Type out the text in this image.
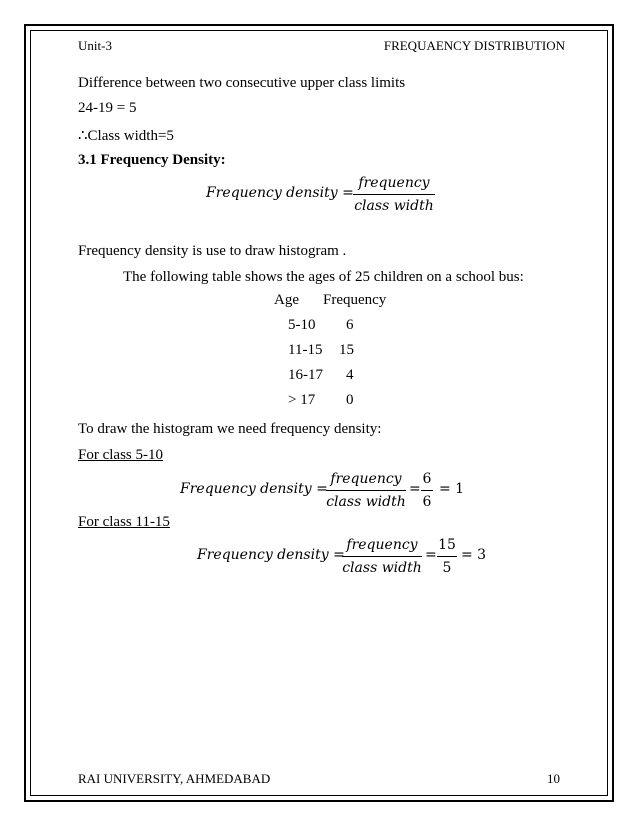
Unit-3	FREQUAENCY DISTRIBUTION
Difference between two consecutive upper class limits
24-19 = 5
∴Class width=5
3.1 Frequency Density:
Frequency density =
frequency
class width
Frequency density is use to draw histogram .
The following table shows the ages of 25 children on a school bus:
Age	Frequency
5-10	6
11-15	15
16-17	4
> 17	0
To draw the histogram we need frequency density:
For class 5-10
Frequency density =
frequency
class width
=
6
6
= 1
For class 11-15
Frequency density =
frequency
class width
=
15
5
= 3
RAI UNIVERSITY, AHMEDABAD	10
